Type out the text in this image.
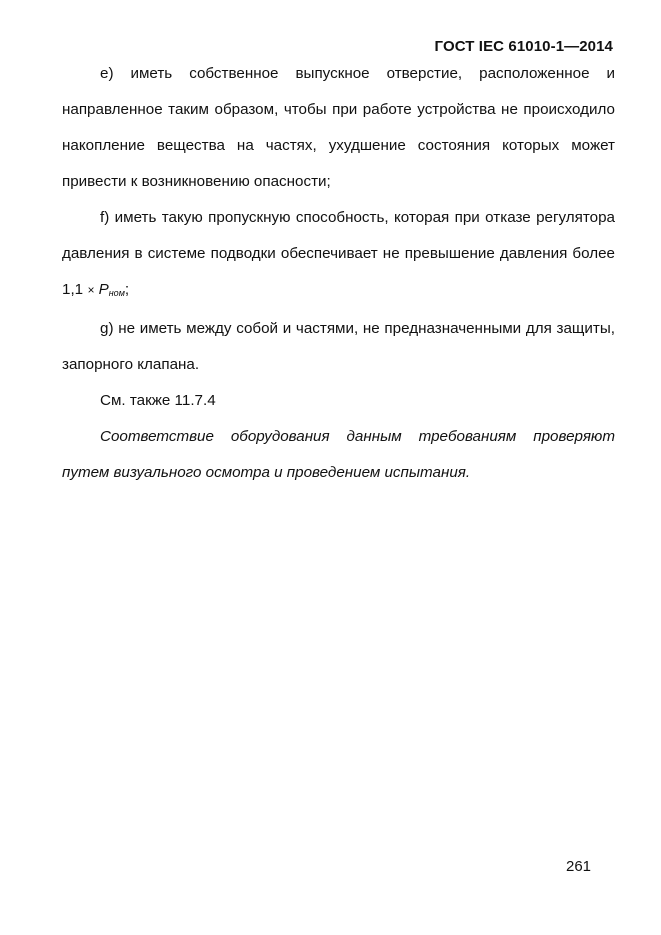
ГОСТ IEC 61010-1—2014

e) иметь собственное выпускное отверстие, расположенное и направленное таким образом, чтобы при работе устройства не происходило накопление вещества на частях, ухудшение состояния которых может привести к возникновению опасности;

f) иметь такую пропускную способность, которая при отказе регулятора давления в системе подводки обеспечивает не превышение давления более $1,1 \times P_{ном}$;

g) не иметь между собой и частями, не предназначенными для защиты, запорного клапана.

См. также 11.7.4

Соответствие оборудования данным требованиям проверяют путем визуального осмотра и проведением испытания.

261
